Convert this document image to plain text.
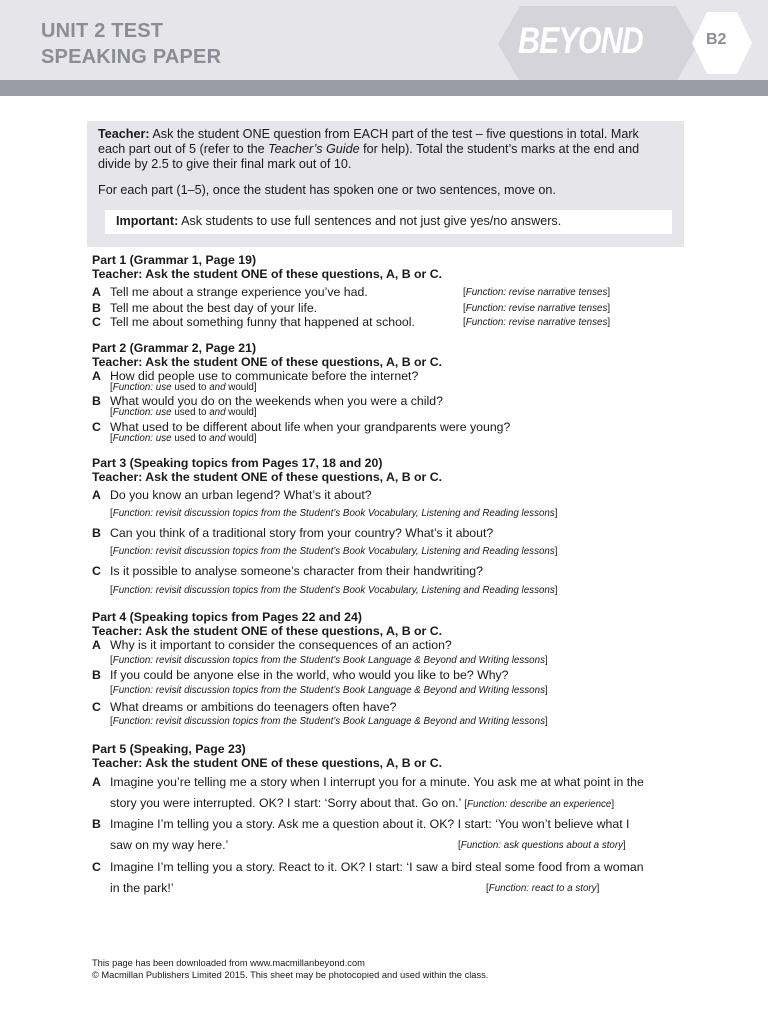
UNIT 2 TEST
SPEAKING PAPER	BEYOND	B2

Teacher: Ask the student ONE question from EACH part of the test – five questions in total. Mark each part out of 5 (refer to the Teacher’s Guide for help). Total the student’s marks at the end and divide by 2.5 to give their final mark out of 10.

For each part (1–5), once the student has spoken one or two sentences, move on.

Important: Ask students to use full sentences and not just give yes/no answers.
Part 1 (Grammar 1, Page 19)
Teacher: Ask the student ONE of these questions, A, B or C.
A Tell me about a strange experience you’ve had.	[Function: revise narrative tenses]
B Tell me about the best day of your life.	[Function: revise narrative tenses]
C Tell me about something funny that happened at school.	[Function: revise narrative tenses]
Part 2 (Grammar 2, Page 21)
Teacher: Ask the student ONE of these questions, A, B or C.
A How did people use to communicate before the internet?
[Function: use used to and would]
B What would you do on the weekends when you were a child?
[Function: use used to and would]
C What used to be different about life when your grandparents were young?
[Function: use used to and would]
Part 3 (Speaking topics from Pages 17, 18 and 20)
Teacher: Ask the student ONE of these questions, A, B or C.
A Do you know an urban legend? What’s it about?
[Function: revisit discussion topics from the Student’s Book Vocabulary, Listening and Reading lessons]
B Can you think of a traditional story from your country? What’s it about?
[Function: revisit discussion topics from the Student’s Book Vocabulary, Listening and Reading lessons]
C Is it possible to analyse someone’s character from their handwriting?
[Function: revisit discussion topics from the Student’s Book Vocabulary, Listening and Reading lessons]
Part 4 (Speaking topics from Pages 22 and 24)
Teacher: Ask the student ONE of these questions, A, B or C.
A Why is it important to consider the consequences of an action?
[Function: revisit discussion topics from the Student’s Book Language & Beyond and Writing lessons]
B If you could be anyone else in the world, who would you like to be? Why?
[Function: revisit discussion topics from the Student’s Book Language & Beyond and Writing lessons]
C What dreams or ambitions do teenagers often have?
[Function: revisit discussion topics from the Student’s Book Language & Beyond and Writing lessons]
Part 5 (Speaking, Page 23)
Teacher: Ask the student ONE of these questions, A, B or C.
A Imagine you’re telling me a story when I interrupt you for a minute. You ask me at what point in the
story you were interrupted. OK? I start: ‘Sorry about that. Go on.’ [Function: describe an experience]
B Imagine I’m telling you a story. Ask me a question about it. OK? I start: ‘You won’t believe what I
saw on my way here.’	[Function: ask questions about a story]
C Imagine I’m telling you a story. React to it. OK? I start: ‘I saw a bird steal some food from a woman
in the park!’	[Function: react to a story]
This page has been downloaded from www.macmillanbeyond.com
© Macmillan Publishers Limited 2015. This sheet may be photocopied and used within the class.
